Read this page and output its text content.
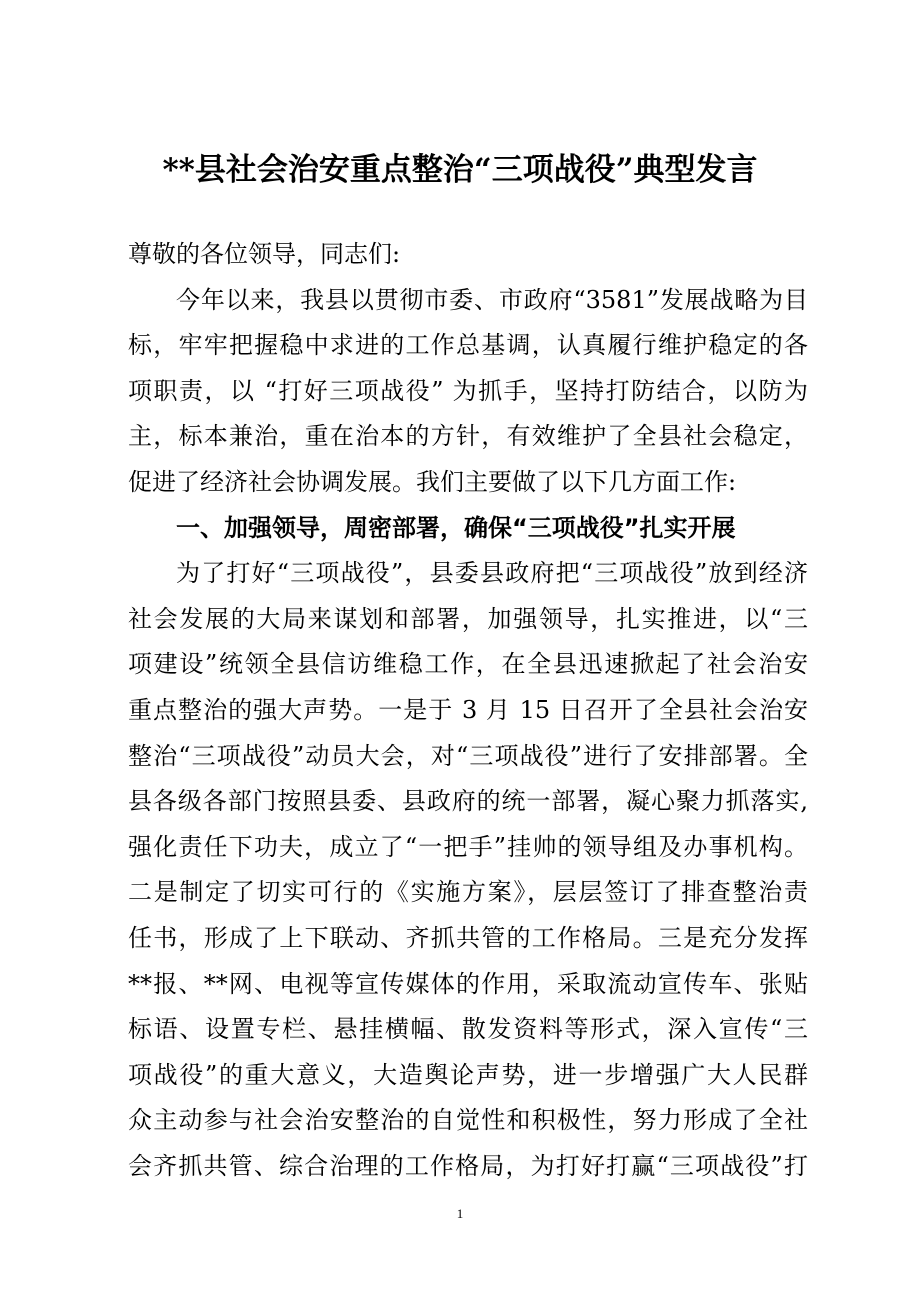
**县社会治安重点整治“三项战役”典型发言
尊敬的各位领导，同志们:
今年以来，我县以贯彻市委、市政府“3581”发展战略为目
标，牢牢把握稳中求进的工作总基调，认真履行维护稳定的各
项职责，以 “打好三项战役” 为抓手，坚持打防结合，以防为
主，标本兼治，重在治本的方针，有效维护了全县社会稳定，
促进了经济社会协调发展。我们主要做了以下几方面工作:
一、加强领导，周密部署，确保“三项战役”扎实开展
为了打好“三项战役”，县委县政府把“三项战役”放到经济
社会发展的大局来谋划和部署，加强领导，扎实推进，以“三
项建设”统领全县信访维稳工作，在全县迅速掀起了社会治安
重点整治的强大声势。一是于 3 月 15 日召开了全县社会治安
整治“三项战役”动员大会，对“三项战役”进行了安排部署。全
县各级各部门按照县委、县政府的统一部署，凝心聚力抓落实,
强化责任下功夫，成立了“一把手”挂帅的领导组及办事机构。
二是制定了切实可行的《实施方案》，层层签订了排查整治责
任书，形成了上下联动、齐抓共管的工作格局。三是充分发挥
**报、**网、电视等宣传媒体的作用，采取流动宣传车、张贴
标语、设置专栏、悬挂横幅、散发资料等形式，深入宣传“三
项战役”的重大意义，大造舆论声势，进一步增强广大人民群
众主动参与社会治安整治的自觉性和积极性，努力形成了全社
会齐抓共管、综合治理的工作格局，为打好打赢“三项战役”打
1
